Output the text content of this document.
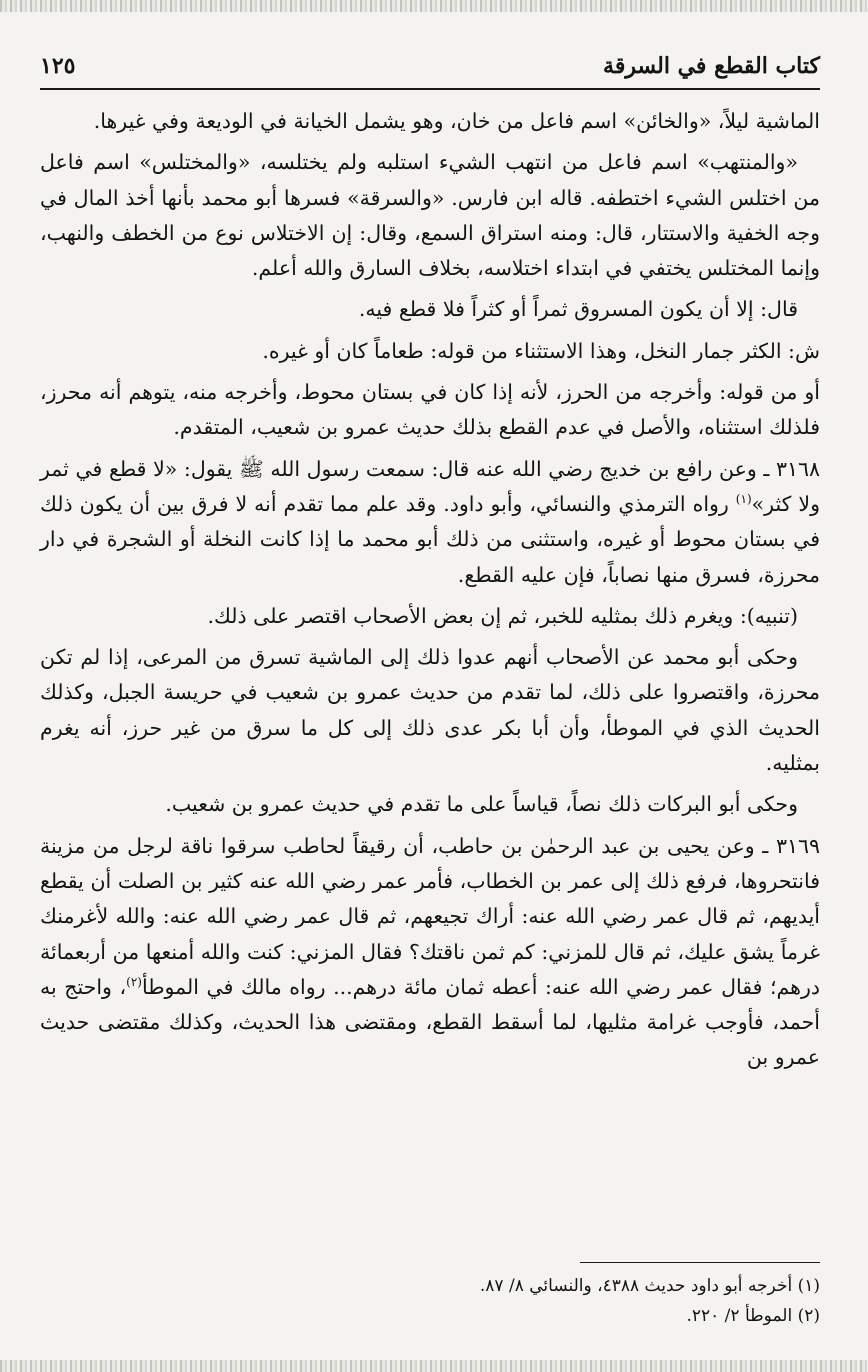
كتاب القطع في السرقة
١٢٥

الماشية ليلاً، «والخائن» اسم فاعل من خان، وهو يشمل الخيانة في الوديعة وفي غيرها.

«والمنتهب» اسم فاعل من انتهب الشيء استلبه ولم يختلسه، «والمختلس» اسم فاعل من اختلس الشيء اختطفه. قاله ابن فارس. «والسرقة» فسرها أبو محمد بأنها أخذ المال في وجه الخفية والاستتار، قال: ومنه استراق السمع، وقال: إن الاختلاس نوع من الخطف والنهب، وإنما المختلس يختفي في ابتداء اختلاسه، بخلاف السارق والله أعلم.

قال: إلا أن يكون المسروق ثمراً أو كثراً فلا قطع فيه.

ش: الكثر جمار النخل، وهذا الاستثناء من قوله: طعاماً كان أو غيره.

أو من قوله: وأخرجه من الحرز، لأنه إذا كان في بستان محوط، وأخرجه منه، يتوهم أنه محرز، فلذلك استثناه، والأصل في عدم القطع بذلك حديث عمرو بن شعيب، المتقدم.

٣١٦٨ ـ وعن رافع بن خديج رضي الله عنه قال: سمعت رسول الله ﷺ يقول: «لا قطع في ثمر ولا كثر»$^{(١)}$ رواه الترمذي والنسائي، وأبو داود. وقد علم مما تقدم أنه لا فرق بين أن يكون ذلك في بستان محوط أو غيره، واستثنى من ذلك أبو محمد ما إذا كانت النخلة أو الشجرة في دار محرزة، فسرق منها نصاباً، فإن عليه القطع.

(تنبيه): ويغرم ذلك بمثليه للخبر، ثم إن بعض الأصحاب اقتصر على ذلك.

وحكى أبو محمد عن الأصحاب أنهم عدوا ذلك إلى الماشية تسرق من المرعى، إذا لم تكن محرزة، واقتصروا على ذلك، لما تقدم من حديث عمرو بن شعيب في حريسة الجبل، وكذلك الحديث الذي في الموطأ، وأن أبا بكر عدى ذلك إلى كل ما سرق من غير حرز، أنه يغرم بمثليه.

وحكى أبو البركات ذلك نصاً، قياساً على ما تقدم في حديث عمرو بن شعيب.

٣١٦٩ ـ وعن يحيى بن عبد الرحمٰن بن حاطب، أن رقيقاً لحاطب سرقوا ناقة لرجل من مزينة فانتحروها، فرفع ذلك إلى عمر بن الخطاب، فأمر عمر رضي الله عنه كثير بن الصلت أن يقطع أيديهم، ثم قال عمر رضي الله عنه: أراك تجيعهم، ثم قال عمر رضي الله عنه: والله لأغرمنك غرماً يشق عليك، ثم قال للمزني: كم ثمن ناقتك؟ فقال المزني: كنت والله أمنعها من أربعمائة درهم؛ فقال عمر رضي الله عنه: أعطه ثمان مائة درهم... رواه مالك في الموطأ$^{(٢)}$، واحتج به أحمد، فأوجب غرامة مثليها، لما أسقط القطع، ومقتضى هذا الحديث، وكذلك مقتضى حديث عمرو بن

(١) أخرجه أبو داود حديث ٤٣٨٨، والنسائي ٨/ ٨٧.

(٢) الموطأ ٢/ ٢٢٠.
